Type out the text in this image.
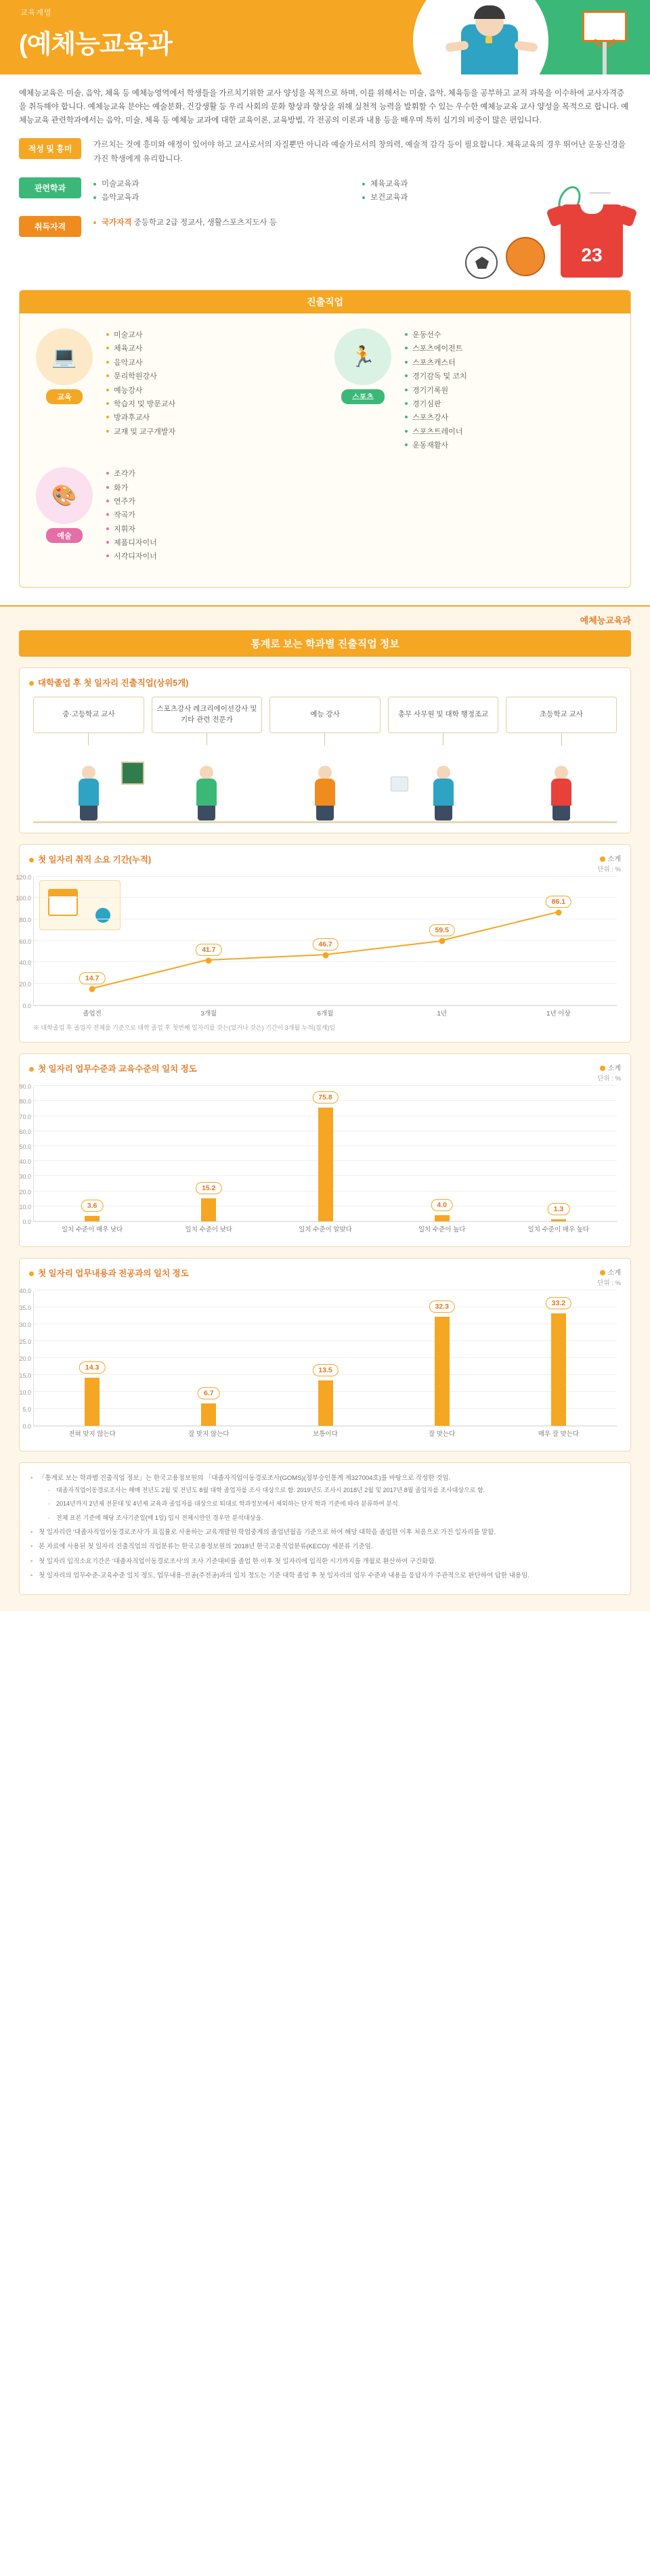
교육계열
(예체능교육과
예체능교육은 미술, 음악, 체육 등 예체능영역에서 학생들을 가르치기위한 교사 양성을 목적으로 하며, 이를 위해서는 미술, 음악, 체육등을 공부하고 교직 과목을 이수하여 교사자격증을 취득해야 합니다. 예체능교육 분야는 예술분화, 건강생활 등 우리 사회의 문화 향상과 향상을 위해 실천적 능력을 발휘할 수 있는 우수한 예체능교육 교사 양성을 목적으로 합니다. 예체능교육 관련학과에서는 음악, 미술, 체육 등 예체능 교과에 대한 교육이론, 교육방법, 각 전공의 이론과 내용 등을 배우며 특히 실기의 비중이 많은 편입니다.
적성 및 흥미	가르치는 것에 흥미와 애정이 있어야 하고 교사로서의 자질뿐만 아니라 예술가로서의 창의력, 예술적 감각 등이 필요합니다. 체육교육의 경우 뛰어난 운동신경을 가진 학생에게 유리합니다.
관련학과	미술교육과
음악교육과
체육교육과
보건교육과
취득자격	국가자격 중등학교 2급 정교사, 생활스포츠지도사 등
23
진출직업
💻
교육
미술교사
체육교사
음악교사
문리학원강사
예능강사
학습지 및 방문교사
방과후교사
교재 및 교구개발자
🏃
스포츠
운동선수
스포츠에이전트
스포츠캐스터
경기감독 및 코치
경기기록원
경기심판
스포츠강사
스포츠트레이너
운동재활사
🎨
예술
조각가
화가
연주가
작곡가
지휘자
제품디자이너
시각디자이너
예체능교육과
통계로 보는 학과별 진출직업 정보
대학졸업 후 첫 일자리 진출직업(상위5개)
중·고등학교 교사
스포츠강사 레크리에이션강사 및 기타 관련 전문가
예능 강사	총무 사무원 및 대학 행정조교	초등학교 교사
첫 일자리 취직 소요 기간(누적)	소계
단위 : %
0.0
20.0
40.0
60.0
80.0
100.0
120.0
14.7
졸업전
41.7
3개월
46.7
6개월
59.5
1년
86.1
1년 이상
※ 대학졸업 후 졸업자 전체를 기준으로 대학 졸업 후 첫번째 일자리를 갖는(었거나 갖은) 기간이 3개월 누적(집계)임
첫 일자리 업무수준과 교육수준의 일치 정도	소계
단위 : %
0.0
10.0
20.0
30.0
40.0
50.0
60.0
70.0
80.0
90.0
3.6
일치 수준이 매우 낮다
15.2
일치 수준이 낮다
75.8
일치 수준이 알맞다
4.0
일치 수준이 높다
1.3
일치 수준이 매우 높다
첫 일자리 업무내용과 전공과의 일치 정도	소계
단위 : %
0.0
5.0
10.0
15.0
20.0
25.0
30.0
35.0
40.0
14.3
전혀 맞지 않는다
6.7
잘 맞지 않는다
13.5
보통이다
32.3
잘 맞는다
33.2
매우 잘 맞는다
• 「통계로 보는 학과별 진출직업 정보」는 한국고용정보원의 「대졸자직업이동경로조사(GOMS)(정부승인통계 제327004호)를 바탕으로 작성한 것임.
- 대졸자직업이동경로조사는 해매 전년도 2월 및 전년도 8월 대학 졸업자를 조사 대상으로 함. 2019년도 조사시 2018년 2월 및 2017년 8월 졸업자를 조사대상으로 함.
- 2014년까지 2년제 전문대 및 4년제 교육과 졸업자를 대상으로 퇴대로 학과정보에서 제외하는 단지 학과 기준에 따라 분류하여 분석.
- 전체 표본 기준에 해당 조사기준일(매 1일) 임시 전체시만인 경우만 분석대상을.
• 첫 일자리란 '대졸자직업이동경로조사'가 표집률로 사용하는 교육개발원 학업중계의 졸업년월을 기준으로 하여 해당 대학을 졸업한 이후 처음으로 가진 일자리를 말함.
• 본 자료에 사용된 첫 일자리 진출직업의 직업분류는 한국고용정보원의 '2018년 한국고용직업분류(KECO)' 세분류 기준임.
• 첫 일자리 입직소요기간은 '대졸자직업이동경로조사'의 조사 기준대비를 졸업 한 이후 첫 일자리에 입직한 시기까지를 개월로 환산하여 구간화함.
• 첫 일자리의 업무수준-교육수준 일치 정도, 업무내용-전공(주전공)과의 일치 정도는 기준 대학 졸업 후 첫 일자리의 업무 수준과 내용을 응답자가 주관적으로 판단하여 답한 내용임.
